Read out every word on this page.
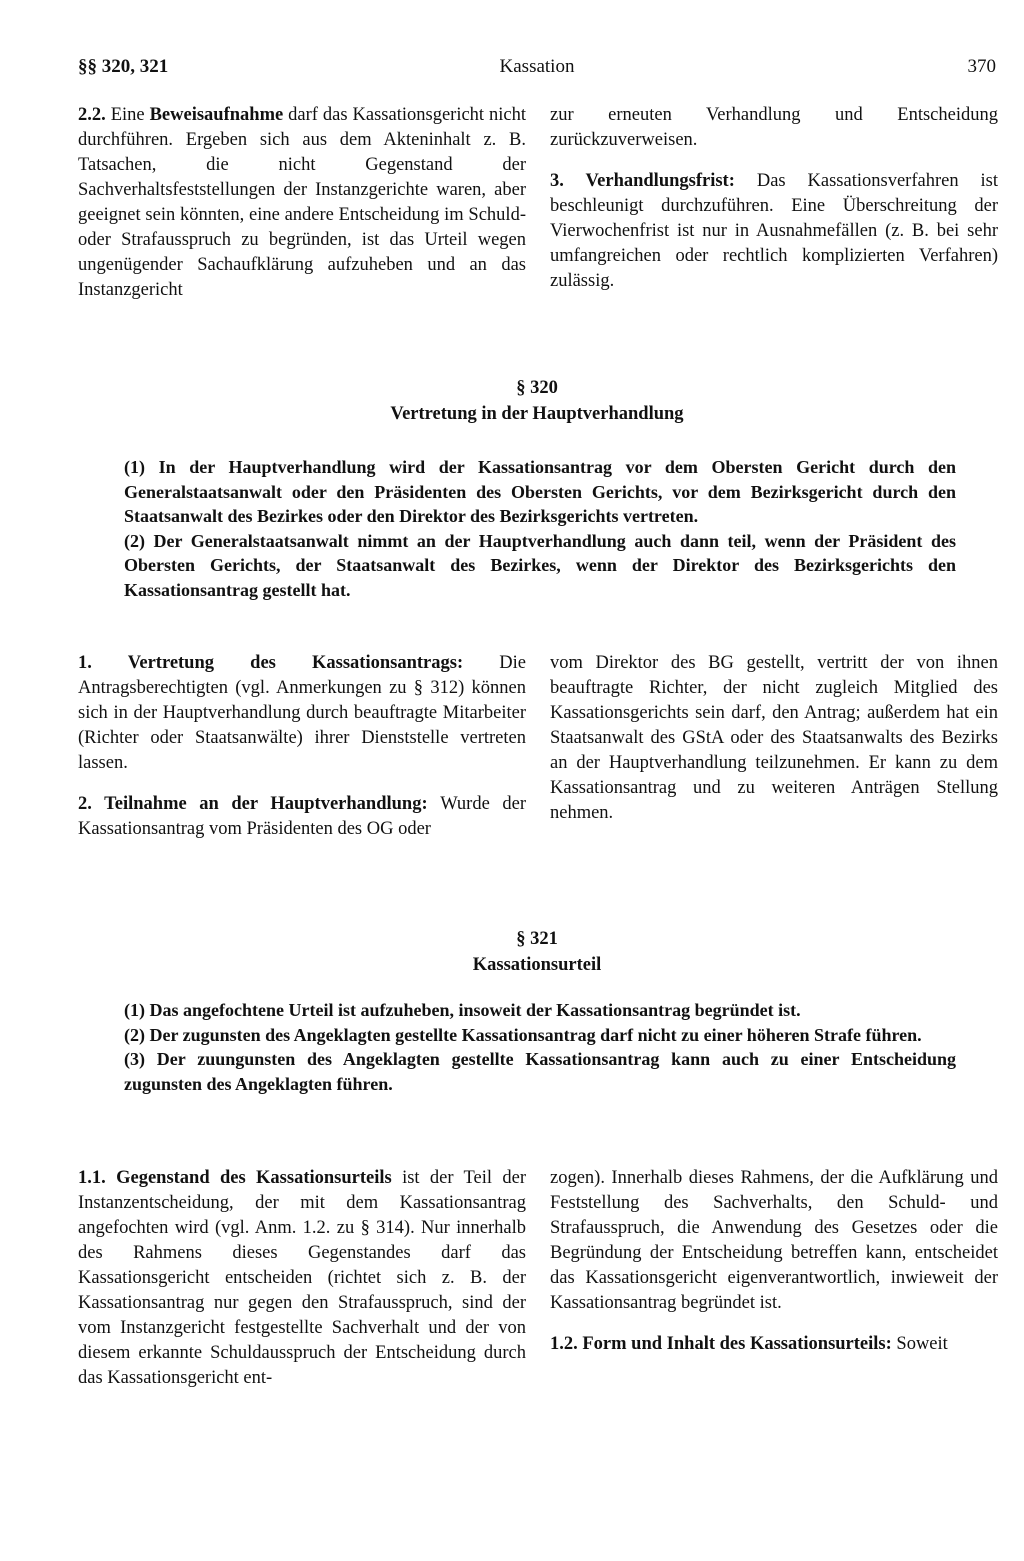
§§ 320, 321	Kassation	370

2.2. Eine Beweisaufnahme darf das Kassationsgericht nicht durchführen. Ergeben sich aus dem Akteninhalt z. B. Tatsachen, die nicht Gegenstand der Sachverhaltsfeststellungen der Instanzgerichte waren, aber geeignet sein könnten, eine andere Entscheidung im Schuld- oder Strafausspruch zu begründen, ist das Urteil wegen ungenügender Sachaufklärung aufzuheben und an das Instanzgericht

zur erneuten Verhandlung und Entscheidung zurückzuverweisen.

3. Verhandlungsfrist: Das Kassationsverfahren ist beschleunigt durchzuführen. Eine Überschreitung der Vierwochenfrist ist nur in Ausnahmefällen (z. B. bei sehr umfangreichen oder rechtlich komplizierten Verfahren) zulässig.

§ 320
Vertretung in der Hauptverhandlung

(1) In der Hauptverhandlung wird der Kassationsantrag vor dem Obersten Gericht durch den Generalstaatsanwalt oder den Präsidenten des Obersten Gerichts, vor dem Bezirksgericht durch den Staatsanwalt des Bezirkes oder den Direktor des Bezirksgerichts vertreten.

(2) Der Generalstaatsanwalt nimmt an der Hauptverhandlung auch dann teil, wenn der Präsident des Obersten Gerichts, der Staatsanwalt des Bezirkes, wenn der Direktor des Bezirksgerichts den Kassationsantrag gestellt hat.

1. Vertretung des Kassationsantrags: Die Antragsberechtigten (vgl. Anmerkungen zu § 312) können sich in der Hauptverhandlung durch beauftragte Mitarbeiter (Richter oder Staatsanwälte) ihrer Dienststelle vertreten lassen.

2. Teilnahme an der Hauptverhandlung: Wurde der Kassationsantrag vom Präsidenten des OG oder

vom Direktor des BG gestellt, vertritt der von ihnen beauftragte Richter, der nicht zugleich Mitglied des Kassationsgerichts sein darf, den Antrag; außerdem hat ein Staatsanwalt des GStA oder des Staatsanwalts des Bezirks an der Hauptverhandlung teilzunehmen. Er kann zu dem Kassationsantrag und zu weiteren Anträgen Stellung nehmen.

§ 321
Kassationsurteil

(1) Das angefochtene Urteil ist aufzuheben, insoweit der Kassationsantrag begründet ist.

(2) Der zugunsten des Angeklagten gestellte Kassationsantrag darf nicht zu einer höheren Strafe führen.

(3) Der zuungunsten des Angeklagten gestellte Kassationsantrag kann auch zu einer Entscheidung zugunsten des Angeklagten führen.

1.1. Gegenstand des Kassationsurteils ist der Teil der Instanzentscheidung, der mit dem Kassationsantrag angefochten wird (vgl. Anm. 1.2. zu § 314). Nur innerhalb des Rahmens dieses Gegenstandes darf das Kassationsgericht entscheiden (richtet sich z. B. der Kassationsantrag nur gegen den Strafausspruch, sind der vom Instanzgericht festgestellte Sachverhalt und der von diesem erkannte Schuldausspruch der Entscheidung durch das Kassationsgericht ent-

zogen). Innerhalb dieses Rahmens, der die Aufklärung und Feststellung des Sachverhalts, den Schuld- und Strafausspruch, die Anwendung des Gesetzes oder die Begründung der Entscheidung betreffen kann, entscheidet das Kassationsgericht eigenverantwortlich, inwieweit der Kassationsantrag begründet ist.

1.2. Form und Inhalt des Kassationsurteils: Soweit
